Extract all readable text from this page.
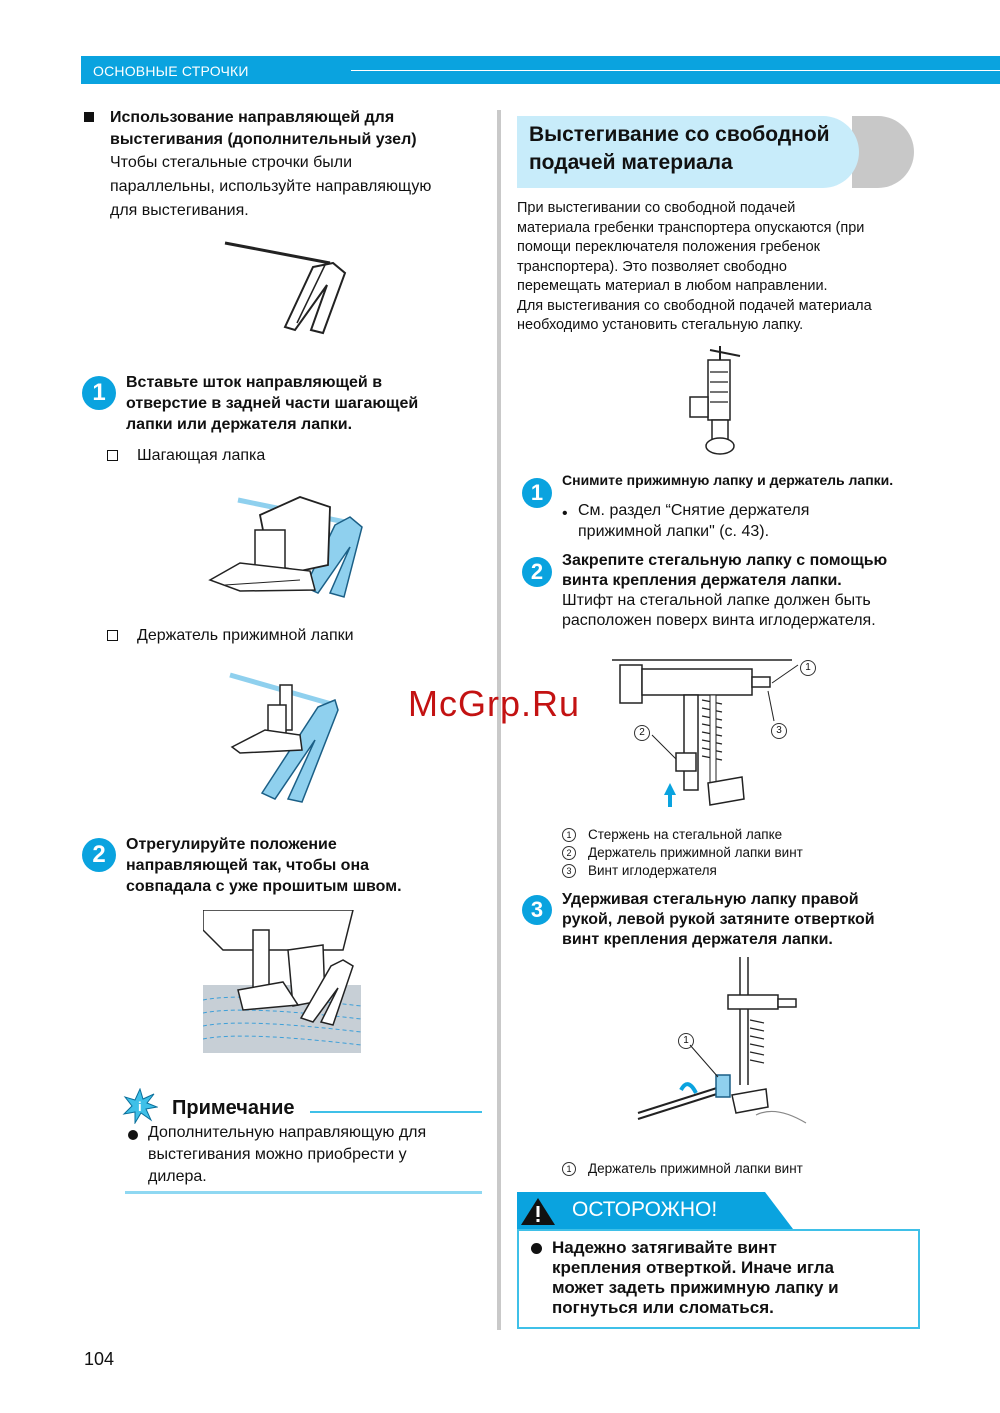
ОСНОВНЫЕ СТРОЧКИ

Использование направляющей для

выстегивания (дополнительный узел)

Чтобы стегальные строчки были

параллельны, используйте направляющую

для выстегивания.

1	Вставьте шток направляющей в

отверстие в задней части шагающей

лапки или держателя лапки.

Шагающая лапка
Держатель прижимной лапки
2	Отрегулируйте положение

направляющей так, чтобы она

совпадала с уже прошитым швом.

i Примечание

Дополнительную направляющую для

выстегивания можно приобрести у

дилера.

Выстегивание со свободной

подачей материала

При выстегивании со свободной подачей

материала гребенки транспортера опускаются (при

помощи переключателя положения гребенок

транспортера). Это позволяет свободно

перемещать материал в любом направлении.

Для выстегивания со свободной подачей материала

необходимо установить стегальную лапку.

1	Снимите прижимную лапку и держатель лапки.
• См. раздел “Снятие держателя

прижимной лапки" (с. 43).

2	Закрепите стегальную лапку с помощью

винта крепления держателя лапки.

Штифт на стегальной лапке должен быть

расположен поверх винта иглодержателя.

1
2	3

1 Стержень на стегальной лапке

2 Держатель прижимной лапки винт

3 Винт иглодержателя

3	Удерживая стегальную лапку правой

рукой, левой рукой затяните отверткой

винт крепления держателя лапки.

1

1 Держатель прижимной лапки винт

ОСТОРОЖНО!

Надежно затягивайте винт

крепления отверткой. Иначе игла

может задеть прижимную лапку и

погнуться или сломаться.

McGrp.Ru
104
